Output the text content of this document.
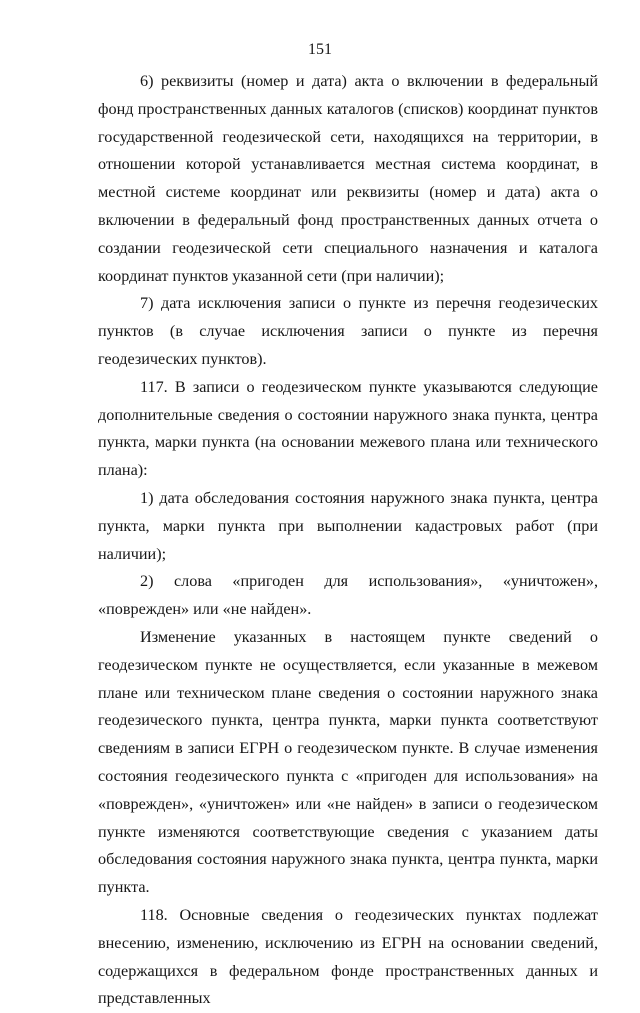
151

6) реквизиты (номер и дата) акта о включении в федеральный фонд пространственных данных каталогов (списков) координат пунктов государственной геодезической сети, находящихся на территории, в отношении которой устанавливается местная система координат, в местной системе координат или реквизиты (номер и дата) акта о включении в федеральный фонд пространственных данных отчета о создании геодезической сети специального назначения и каталога координат пунктов указанной сети (при наличии);

7) дата исключения записи о пункте из перечня геодезических пунктов (в случае исключения записи о пункте из перечня геодезических пунктов).

117. В записи о геодезическом пункте указываются следующие дополнительные сведения о состоянии наружного знака пункта, центра пункта, марки пункта (на основании межевого плана или технического плана):

1) дата обследования состояния наружного знака пункта, центра пункта, марки пункта при выполнении кадастровых работ (при наличии);

2) слова «пригоден для использования», «уничтожен», «поврежден» или «не найден».

Изменение указанных в настоящем пункте сведений о геодезическом пункте не осуществляется, если указанные в межевом плане или техническом плане сведения о состоянии наружного знака геодезического пункта, центра пункта, марки пункта соответствуют сведениям в записи ЕГРН о геодезическом пункте. В случае изменения состояния геодезического пункта с «пригоден для использования» на «поврежден», «уничтожен» или «не найден» в записи о геодезическом пункте изменяются соответствующие сведения с указанием даты обследования состояния наружного знака пункта, центра пункта, марки пункта.

118. Основные сведения о геодезических пунктах подлежат внесению, изменению, исключению из ЕГРН на основании сведений, содержащихся в федеральном фонде пространственных данных и представленных
